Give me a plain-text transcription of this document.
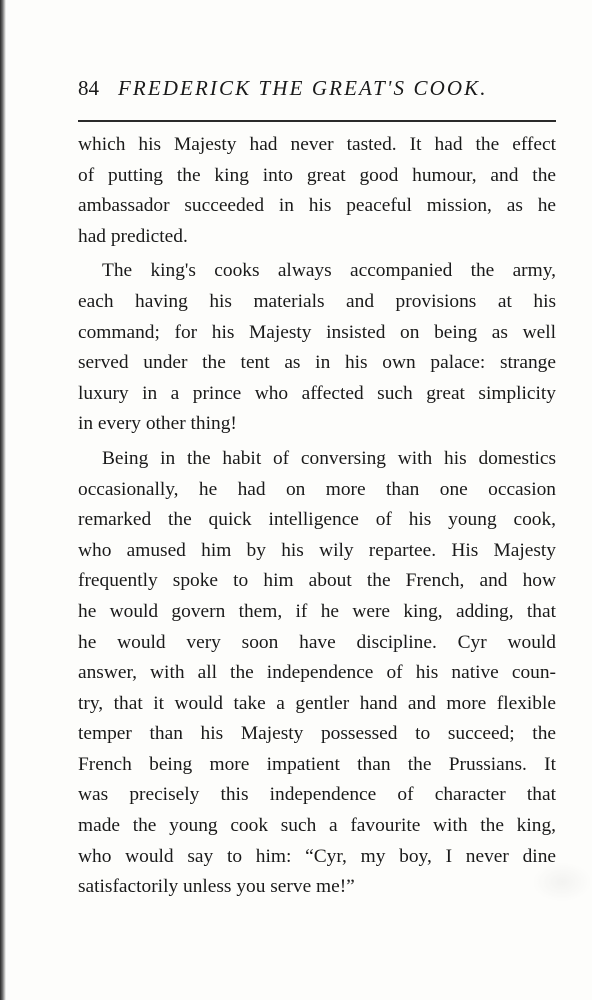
84 FREDERICK THE GREAT'S COOK.
which his Majesty had never tasted. It had the effect
of putting the king into great good humour, and the
ambassador succeeded in his peaceful mission, as he
had predicted.
The king's cooks always accompanied the army,
each having his materials and provisions at his
command; for his Majesty insisted on being as well
served under the tent as in his own palace: strange
luxury in a prince who affected such great simplicity
in every other thing!
Being in the habit of conversing with his domestics
occasionally, he had on more than one occasion
remarked the quick intelligence of his young cook,
who amused him by his wily repartee. His Majesty
frequently spoke to him about the French, and how
he would govern them, if he were king, adding, that
he would very soon have discipline. Cyr would
answer, with all the independence of his native coun-
try, that it would take a gentler hand and more flexible
temper than his Majesty possessed to succeed; the
French being more impatient than the Prussians. It
was precisely this independence of character that
made the young cook such a favourite with the king,
who would say to him: “Cyr, my boy, I never dine
satisfactorily unless you serve me!”
